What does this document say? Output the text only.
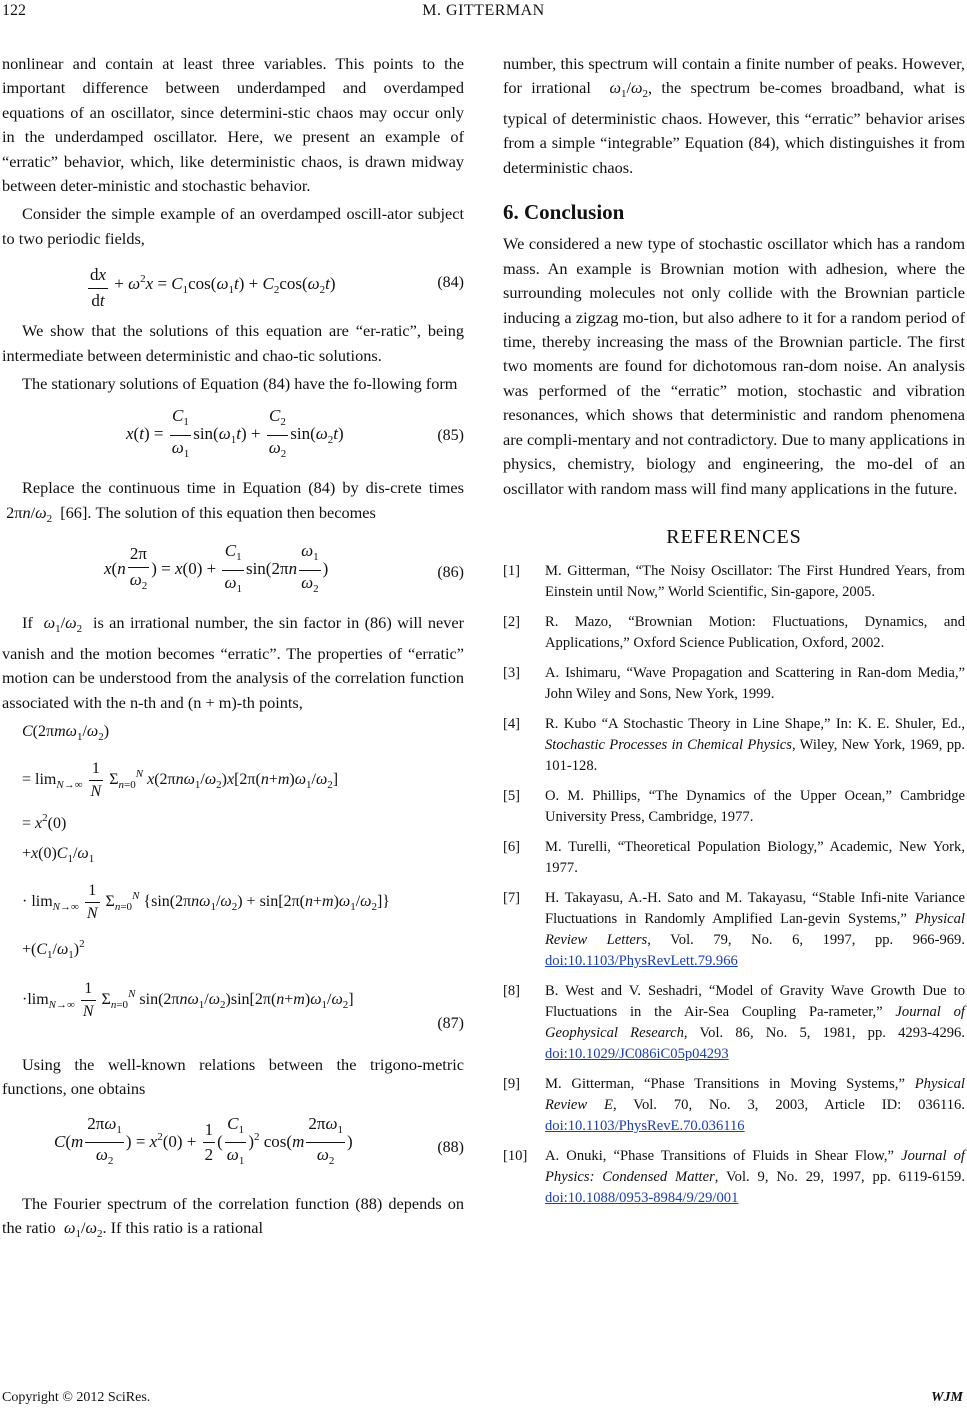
122	M. GITTERMAN

nonlinear and contain at least three variables. This points to the important difference between underdamped and overdamped equations of an oscillator, since determini-stic chaos may occur only in the underdamped oscillator. Here, we present an example of “erratic” behavior, which, like deterministic chaos, is drawn midway between deter-ministic and stochastic behavior.

Consider the simple example of an overdamped oscill-ator subject to two periodic fields,

$\frac{dx}{dt} + \omega^2x = C_1\cos(\omega_1t) + C_2\cos(\omega_2t)$	(84)

We show that the solutions of this equation are “er-ratic”, being intermediate between deterministic and chao-tic solutions.

The stationary solutions of Equation (84) have the fo-llowing form

$x(t) = \frac{C_1}{\omega_1} \sin(\omega_1t) + \frac{C_2}{\omega_2} \sin(\omega_2t)$	(85)

Replace the continuous time in Equation (84) by dis-crete times  $2\pi n/\omega_2$ [66]. The solution of this equation then becomes

$x(n \frac{2\pi}{\omega_2}$ ) = $x(0) + \frac{C_1}{\omega_1} \sin(2\pi n \frac{\omega_1}{\omega_2}$ )	(86)

If $\omega_1/\omega_2$ is an irrational number, the sin factor in (86) will never vanish and the motion becomes “erratic”. The properties of “erratic” motion can be understood from the analysis of the correlation function associated with the n-th and (n + m)-th points,

$C(2\pi m\omega_1/\omega_2)$
= $\lim_{N\to\infty} \frac{1}{N} \Sigma_{n=0}^N$ $x(2\pi n\omega_1/\omega_2)x[2\pi(n+m)\omega_1/\omega_2]$
= $x^2(0)$
$+x(0)C_1/\omega_1$
· $\lim_{N\to\infty} \frac{1}{N} \Sigma_{n=0}^N$ $\{\sin(2\pi n\omega_1/\omega_2) + \sin[2\pi(n+m)\omega_1/\omega_2]\}$
$+(C_1/\omega_1)^2$
$\cdot\lim_{N\to\infty} \frac{1}{N} \Sigma_{n=0}^N$ $\sin(2\pi n\omega_1/\omega_2)\sin[2\pi(n+m)\omega_1/\omega_2]$
(87)

Using the well-known relations between the trigono-metric functions, one obtains

$C(m \frac{2\pi\omega_1}{\omega_2}$ ) = $x^2(0) + \frac{1}{2}$ ( $\frac{C_1}{\omega_1} )^2$ $\cos(m \frac{2\pi\omega_1}{\omega_2}$ )	(88)

The Fourier spectrum of the correlation function (88) depends on the ratio $\omega_1/\omega_2$. If this ratio is a rational

number, this spectrum will contain a finite number of peaks. However, for irrational $\omega_1/\omega_2$, the spectrum be-comes broadband, what is typical of deterministic chaos. However, this “erratic” behavior arises from a simple “integrable” Equation (84), which distinguishes it from deterministic chaos.

6. Conclusion

We considered a new type of stochastic oscillator which has a random mass. An example is Brownian motion with adhesion, where the surrounding molecules not only collide with the Brownian particle inducing a zigzag mo-tion, but also adhere to it for a random period of time, thereby increasing the mass of the Brownian particle. The first two moments are found for dichotomous ran-dom noise. An analysis was performed of the “erratic” motion, stochastic and vibration resonances, which shows that deterministic and random phenomena are compli-mentary and not contradictory. Due to many applications in physics, chemistry, biology and engineering, the mo-del of an oscillator with random mass will find many applications in the future.

REFERENCES
[1] M. Gitterman, “The Noisy Oscillator: The First Hundred Years, from Einstein until Now,” World Scientific, Sin-gapore, 2005.
[2] R. Mazo, “Brownian Motion: Fluctuations, Dynamics, and Applications,” Oxford Science Publication, Oxford, 2002.
[3] A. Ishimaru, “Wave Propagation and Scattering in Ran-dom Media,” John Wiley and Sons, New York, 1999.
[4] R. Kubo “A Stochastic Theory in Line Shape,” In: K. E. Shuler, Ed., Stochastic Processes in Chemical Physics, Wiley, New York, 1969, pp. 101-128.
[5] O. M. Phillips, “The Dynamics of the Upper Ocean,” Cambridge University Press, Cambridge, 1977.
[6] M. Turelli, “Theoretical Population Biology,” Academic, New York, 1977.
[7] H. Takayasu, A.-H. Sato and M. Takayasu, “Stable Infi-nite Variance Fluctuations in Randomly Amplified Lan-gevin Systems,” Physical Review Letters, Vol. 79, No. 6, 1997, pp. 966-969. doi:10.1103/PhysRevLett.79.966
[8] B. West and V. Seshadri, “Model of Gravity Wave Growth Due to Fluctuations in the Air-Sea Coupling Pa-rameter,” Journal of Geophysical Research, Vol. 86, No. 5, 1981, pp. 4293-4296. doi:10.1029/JC086iC05p04293
[9] M. Gitterman, “Phase Transitions in Moving Systems,” Physical Review E, Vol. 70, No. 3, 2003, Article ID: 036116. doi:10.1103/PhysRevE.70.036116
[10] A. Onuki, “Phase Transitions of Fluids in Shear Flow,” Journal of Physics: Condensed Matter, Vol. 9, No. 29, 1997, pp. 6119-6159. doi:10.1088/0953-8984/9/29/001
Copyright © 2012 SciRes.	WJM
